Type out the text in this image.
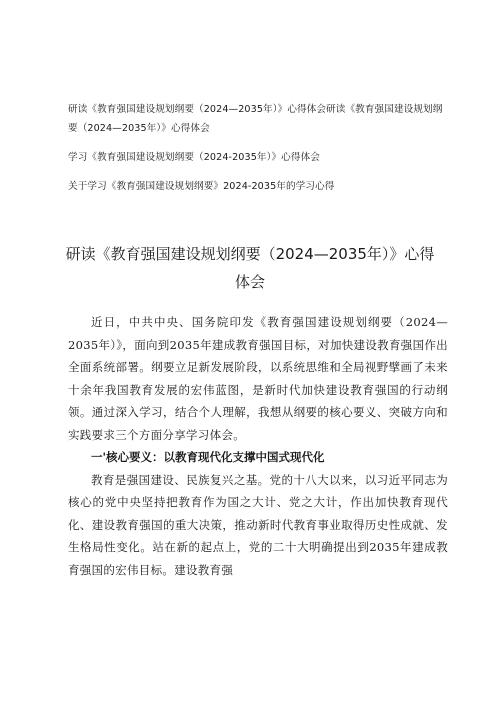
研读《教育强国建设规划纲要（2024—2035年）》心得体会研读《教育强国建设规划纲要（2024—2035年）》心得体会

学习《教育强国建设规划纲要（2024-2035年）》心得体会

关于学习《教育强国建设规划纲要》2024-2035年的学习心得

研读《教育强国建设规划纲要（2024—2035年）》心得体会

近日，中共中央、国务院印发《教育强国建设规划纲要（2024—2035年）》，面向到2035年建成教育强国目标，对加快建设教育强国作出全面系统部署。纲要立足新发展阶段，以系统思维和全局视野擘画了未来十余年我国教育发展的宏伟蓝图，是新时代加快建设教育强国的行动纲领。通过深入学习，结合个人理解，我想从纲要的核心要义、突破方向和实践要求三个方面分享学习体会。

一'核心要义：以教育现代化支撑中国式现代化

教育是强国建设、民族复兴之基。党的十八大以来，以习近平同志为核心的党中央坚持把教育作为国之大计、党之大计，作出加快教育现代化、建设教育强国的重大决策，推动新时代教育事业取得历史性成就、发生格局性变化。站在新的起点上，党的二十大明确提出到2035年建成教育强国的宏伟目标。建设教育强
